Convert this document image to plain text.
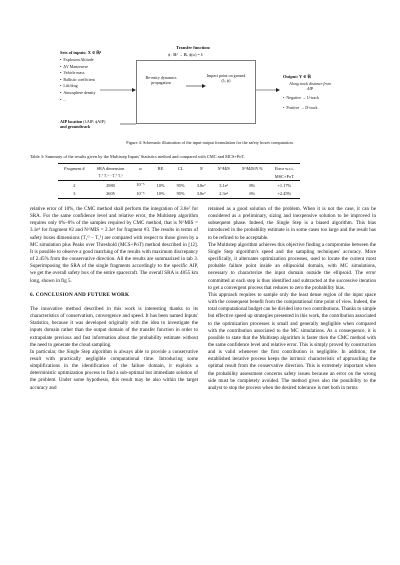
Sets of inputs: X ∈ ℝᵈ
• Explosion Altitude
• ΔV Manoeuvre
• Vehicle mass
• Ballistic coefficient
• Lift/drag
• Atmosphere density
• ...
AIP location (λAIP, ϕAIP)
and groundtrack
Transfer function:
ϕ : ℝᵈ → ℝ, ϕ(ω) = δ
Re-entry dynamics propagation
Impact point on ground (λ, ϕ)
Output: Y ∈ ℝ
Along track distance from AIP
• Negative → U-track
• Positive → D-track
Figure 4: Schematic illustration of the input-output formulation for the safety boxes computation.
Table 3: Summary of the results given by the Multistep Inputs' Statistics method and compared with CMC and MCS+PoT.
Fragment #	SRA dimension	α	RE	CL	N	N^MIS	N^MIS/N %	Error w.r.t.
	T₁⁰ T₁¹ − T₂⁰ T₂¹							MSC+PoT
2	2980	10⁻⁵	10%	95%	3.8e⁷	3.1e⁶	8%	+1.17%
3	2605	10⁻⁵	10%	95%	3.8e⁷	2.3e⁶	6%	+2.45%

relative error of 10%, the CMC method shall perform the integration of 3.8e⁷ for SRA. For the same confidence level and relative error, the Multistep algorithm requires only 6%–8% of the samples required by CMC method, that is N^MIS = 3.1e⁶ for fragment #2 and N^MIS = 2.3e⁶ for fragment #3. The results in terms of safety boxes dimensions (T₁⁰ − T₁¹) are compared with respect to those given by a MC simulation plus Peaks over Threshold (MCS+PoT) method described in [12]. It is possible to observe a good matching of the results with maximum discrepancy of 2.45% from the conservative direction. All the results are summarized in tab 3. Superimposing the SRA of the single fragments accordingly to the specific AIP, we get the overall safety box of the entire spacecraft. The overall SRA is 4855 km long, shown in fig 5.

6. CONCLUSION AND FUTURE WORK

The innovative method described in this work is interesting thanks to its characteristics of conservatism, convergence and speed. It has been named Inputs' Statistics, because it was developed originally with the idea to investigate the inputs domain rather than the output domain of the transfer function in order to extrapolate precious and fast information about the probability estimate without the need to generate the cloud sampling.

In particular, the Single Step algorithm is always able to provide a conservative result with practically negligible computational time. Introducing some simplifications in the identification of the failure domain, it exploits a deterministic optimization process to find a sub-optimal but immediate solution of the problem. Under some hypothesis, this result may be also within the target accuracy and

retained as a good solution of the problem. When it is not the case, it can be considered as a preliminary, sizing and inexpensive solution to be improved in subsequent phase. Indeed, the Single Step is a biased algorithm. This bias introduced in the probability estimate is in some cases too large and the result has to be refined to be acceptable.

The Multistep algorithm achieves this objective finding a compromise between the Single Step algorithm's speed and the sampling techniques' accuracy. More specifically, it alternates optimization processes, used to locate the current most probable failure point inside an ellipsoidal domain, with MC simulations, necessary to characterize the input domain outside the ellipsoid. The error committed at each step is thus identified and subtracted at the successive iteration to get a convergent process that reduces to zero the probability bias.

This approach requires to sample only the least dense region of the input space with the consequent benefit from the computational time point of view. Indeed, the total computational budget can be divided into two contributions. Thanks to simple but effective speed up strategies presented in this work, the contribution associated to the optimization processes is small and generally negligible when compared with the contribution associated to the MC simulations. As a consequence, it is possible to state that the Multistep algorithm is faster then the CMC method with the same confidence level and relative error. This is simply proved by construction and is valid whenever the first contribution is negligible. In addition, the established iterative process keeps the intrinsic characteristic of approaching the optimal result from the conservative direction. This is extremely important when the probability assessment concerns safety issues because an error on the wrong side must be completely avoided. The method gives also the possibility to the analyst to stop the process when the desired tolerance is met both in terms
